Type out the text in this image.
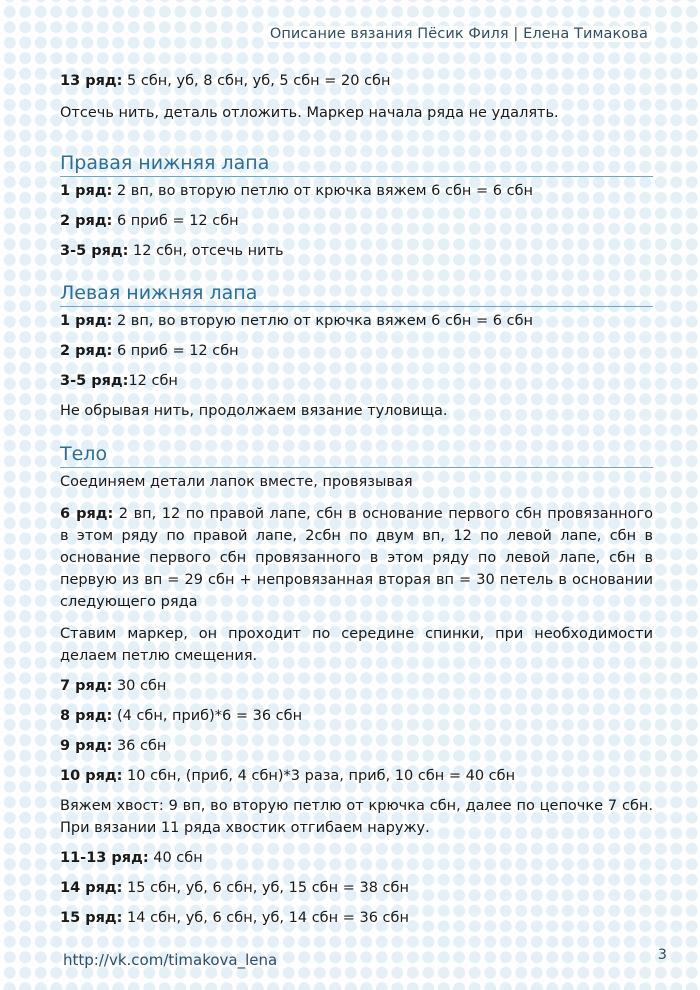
Описание вязания Пёсик Филя | Елена Тимакова

13 ряд: 5 сбн, уб, 8 сбн, уб, 5 сбн = 20 сбн

Отсечь нить, деталь отложить. Маркер начала ряда не удалять.

Правая нижняя лапа

1 ряд: 2 вп, во вторую петлю от крючка вяжем 6 сбн = 6 сбн

2 ряд: 6 приб = 12 сбн

3-5 ряд: 12 сбн, отсечь нить

Левая нижняя лапа

1 ряд: 2 вп, во вторую петлю от крючка вяжем 6 сбн = 6 сбн

2 ряд: 6 приб = 12 сбн

3-5 ряд:12 сбн

Не обрывая нить, продолжаем вязание туловища.

Тело

Соединяем детали лапок вместе, провязывая

6 ряд: 2 вп, 12 по правой лапе, сбн в основание первого сбн провязанного в этом ряду по правой лапе, 2сбн по двум вп, 12 по левой лапе, сбн в основание первого сбн провязанного в этом ряду по левой лапе, сбн в первую из вп = 29 сбн + непровязанная вторая вп = 30 петель в основании следующего ряда

Ставим маркер, он проходит по середине спинки, при необходимости делаем петлю смещения.

7 ряд: 30 сбн

8 ряд: (4 сбн, приб)*6 = 36 сбн

9 ряд: 36 сбн

10 ряд: 10 сбн, (приб, 4 сбн)*3 раза, приб, 10 сбн = 40 сбн

Вяжем хвост: 9 вп, во вторую петлю от крючка сбн, далее по цепочке 7 сбн. При вязании 11 ряда хвостик отгибаем наружу.

11-13 ряд: 40 сбн

14 ряд: 15 сбн, уб, 6 сбн, уб, 15 сбн = 38 сбн

15 ряд: 14 сбн, уб, 6 сбн, уб, 14 сбн = 36 сбн

http://vk.com/timakova_lena	3
